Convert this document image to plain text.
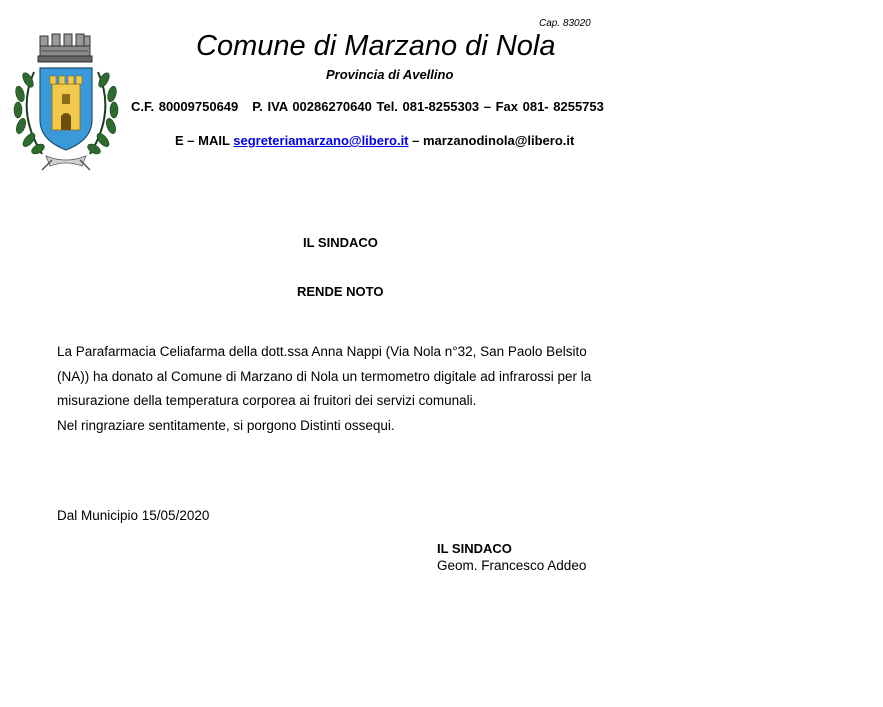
Cap. 83020
Comune di Marzano di Nola
Provincia di Avellino
C.F. 80009750649 P. IVA 00286270640 Tel. 081-8255303 – Fax 081- 8255753
E – MAIL segreteriamarzano@libero.it – marzanodinola@libero.it
IL SINDACO
RENDE NOTO
La Parafarmacia Celiafarma della dott.ssa Anna Nappi (Via Nola n°32, San Paolo Belsito
(NA)) ha donato al Comune di Marzano di Nola un termometro digitale ad infrarossi per la
misurazione della temperatura corporea ai fruitori dei servizi comunali.
Nel ringraziare sentitamente, si porgono Distinti ossequi.
Dal Municipio 15/05/2020
IL SINDACO
Geom. Francesco Addeo
